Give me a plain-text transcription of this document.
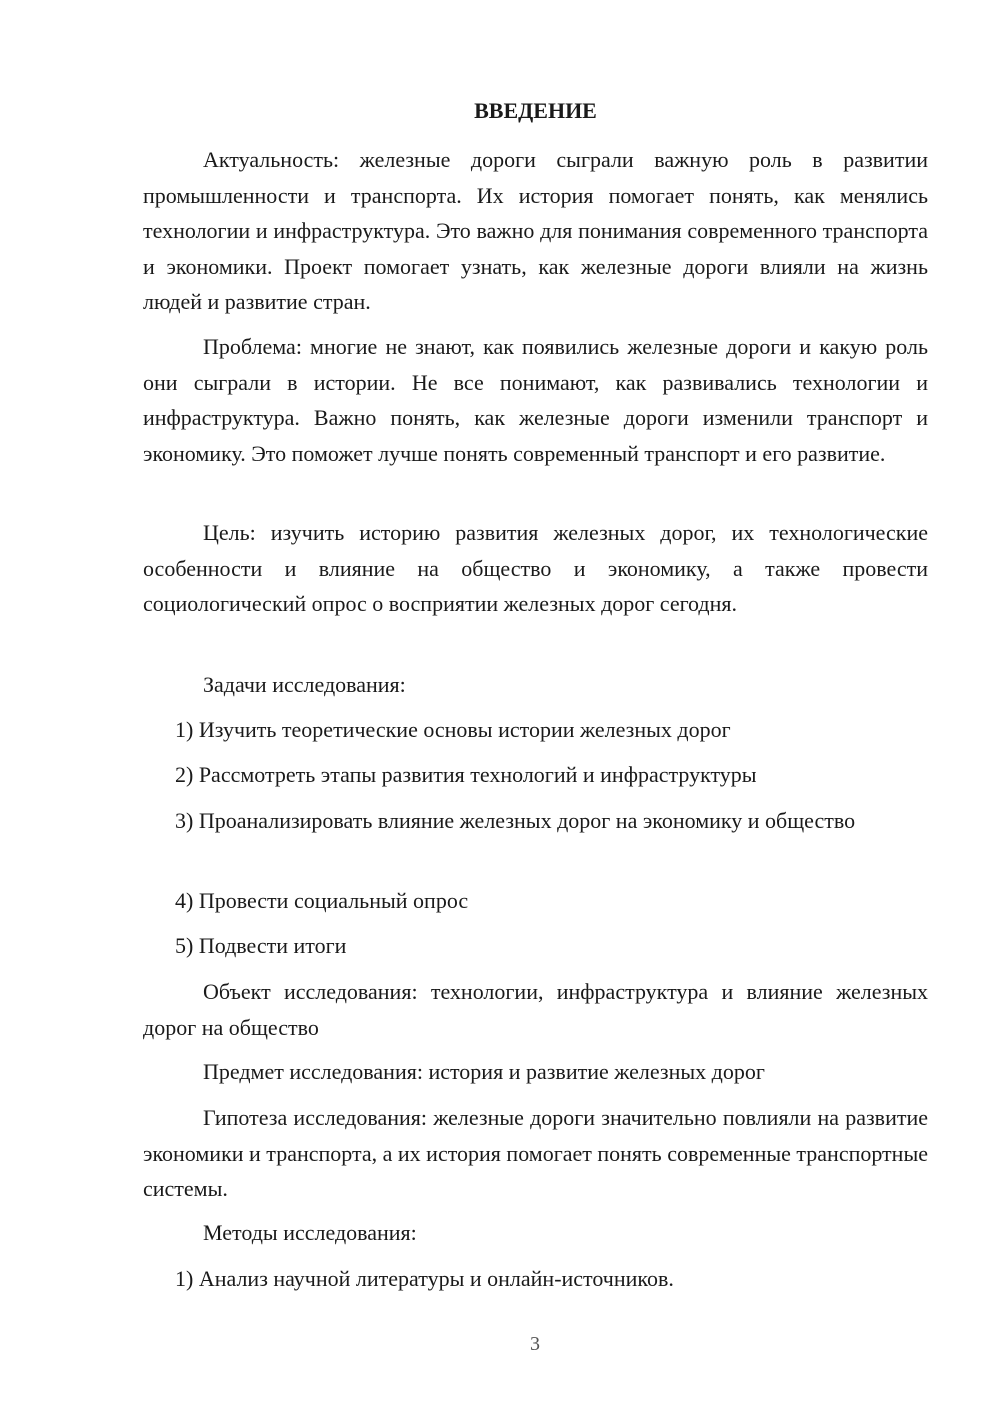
ВВЕДЕНИЕ

Актуальность: железные дороги сыграли важную роль в развитии промышленности и транспорта. Их история помогает понять, как менялись технологии и инфраструктура. Это важно для понимания современного транспорта и экономики. Проект помогает узнать, как железные дороги влияли на жизнь людей и развитие стран.

Проблема: многие не знают, как появились железные дороги и какую роль они сыграли в истории. Не все понимают, как развивались технологии и инфраструктура. Важно понять, как железные дороги изменили транспорт и экономику. Это поможет лучше понять современный транспорт и его развитие.

Цель: изучить историю развития железных дорог, их технологические особенности и влияние на общество и экономику, а также провести социологический опрос о восприятии железных дорог сегодня.

Задачи исследования:

1) Изучить теоретические основы истории железных дорог

2) Рассмотреть этапы развития технологий и инфраструктуры

3) Проанализировать влияние железных дорог на экономику и общество

4) Провести социальный опрос

5) Подвести итоги

Объект исследования: технологии, инфраструктура и влияние железных дорог на общество

Предмет исследования: история и развитие железных дорог

Гипотеза исследования: железные дороги значительно повлияли на развитие экономики и транспорта, а их история помогает понять современные транспортные системы.

Методы исследования:

1) Анализ научной литературы и онлайн-источников.

3
